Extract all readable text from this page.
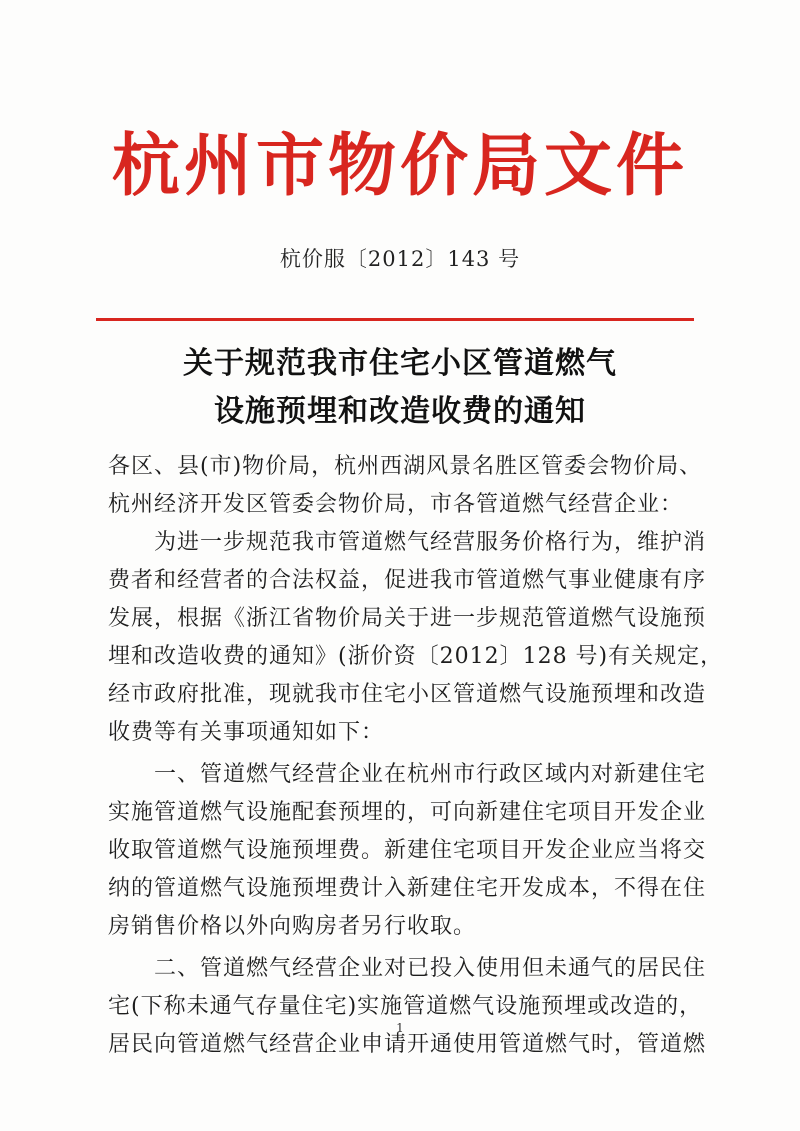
杭州市物价局文件
杭价服〔2012〕143 号
关于规范我市住宅小区管道燃气
设施预埋和改造收费的通知
各区、县(市)物价局，杭州西湖风景名胜区管委会物价局、
杭州经济开发区管委会物价局，市各管道燃气经营企业：
　　为进一步规范我市管道燃气经营服务价格行为，维护消
费者和经营者的合法权益，促进我市管道燃气事业健康有序
发展，根据《浙江省物价局关于进一步规范管道燃气设施预
埋和改造收费的通知》(浙价资〔2012〕128 号)有关规定，
经市政府批准，现就我市住宅小区管道燃气设施预埋和改造
收费等有关事项通知如下：
　　一、管道燃气经营企业在杭州市行政区域内对新建住宅
实施管道燃气设施配套预埋的，可向新建住宅项目开发企业
收取管道燃气设施预埋费。新建住宅项目开发企业应当将交
纳的管道燃气设施预埋费计入新建住宅开发成本，不得在住
房销售价格以外向购房者另行收取。
　　二、管道燃气经营企业对已投入使用但未通气的居民住
宅(下称未通气存量住宅)实施管道燃气设施预埋或改造的，
居民向管道燃气经营企业申请开通使用管道燃气时，管道燃
1
